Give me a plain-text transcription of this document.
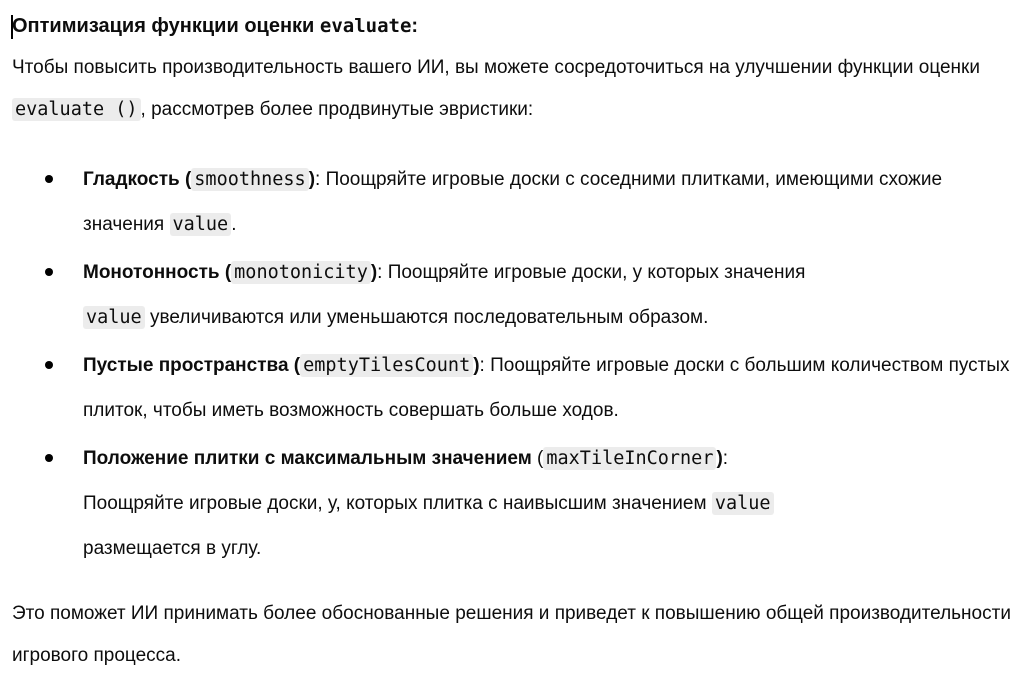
Оптимизация функции оценки evaluate:

Чтобы повысить производительность вашего ИИ, вы можете сосредоточиться на улучшении функции оценки evaluate () , рассмотрев более продвинутые эвристики:

Гладкость ( smoothness ): Поощряйте игровые доски с соседними плитками, имеющими схожие значения value .
Монотонность ( monotonicity ): Поощряйте игровые доски, у которых значения
value увеличиваются или уменьшаются последовательным образом.
Пустые пространства ( emptyTilesCount ): Поощряйте игровые доски с большим количеством пустых плиток, чтобы иметь возможность совершать больше ходов.
Положение плитки с максимальным значением ( maxTileInCorner ):
Поощряйте игровые доски, у, которых плитка с наивысшим значением value
размещается в углу.

Это поможет ИИ принимать более обоснованные решения и приведет к повышению общей производительности игрового процесса.
